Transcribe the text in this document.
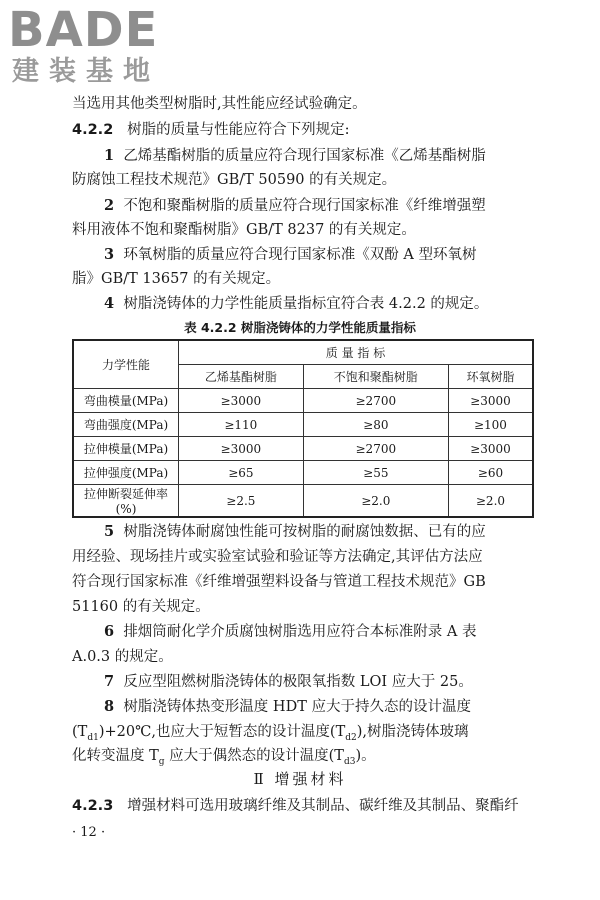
BADE
建装基地
当选用其他类型树脂时,其性能应经试验确定。
4.2.2 树脂的质量与性能应符合下列规定:
1 乙烯基酯树脂的质量应符合现行国家标准《乙烯基酯树脂
防腐蚀工程技术规范》GB/T 50590 的有关规定。
2 不饱和聚酯树脂的质量应符合现行国家标准《纤维增强塑
料用液体不饱和聚酯树脂》GB/T 8237 的有关规定。
3 环氧树脂的质量应符合现行国家标准《双酚 A 型环氧树
脂》GB/T 13657 的有关规定。
4 树脂浇铸体的力学性能质量指标宜符合表 4.2.2 的规定。
表 4.2.2 树脂浇铸体的力学性能质量指标
力学性能	质 量 指 标		
	乙烯基酯树脂	不饱和聚酯树脂	环氧树脂
弯曲模量(MPa)	≥3000	≥2700	≥3000
弯曲强度(MPa)	≥110	≥80	≥100
拉伸模量(MPa)	≥3000	≥2700	≥3000
拉伸强度(MPa)	≥65	≥55	≥60
拉伸断裂延伸率(%)	≥2.5	≥2.0	≥2.0
5 树脂浇铸体耐腐蚀性能可按树脂的耐腐蚀数据、已有的应
用经验、现场挂片或实验室试验和验证等方法确定,其评估方法应
符合现行国家标准《纤维增强塑料设备与管道工程技术规范》GB
51160 的有关规定。
6 排烟筒耐化学介质腐蚀树脂选用应符合本标准附录 A 表
A.0.3 的规定。
7 反应型阻燃树脂浇铸体的极限氧指数 LOI 应大于 25。
8 树脂浇铸体热变形温度 HDT 应大于持久态的设计温度
$(T_{d1})+20℃$,也应大于短暂态的设计温度$(T_{d2})$,树脂浇铸体玻璃
化转变温度 $T_g$ 应大于偶然态的设计温度$(T_{d3})$。
Ⅱ 增强材料
4.2.3 增强材料可选用玻璃纤维及其制品、碳纤维及其制品、聚酯纤
· 12 ·
